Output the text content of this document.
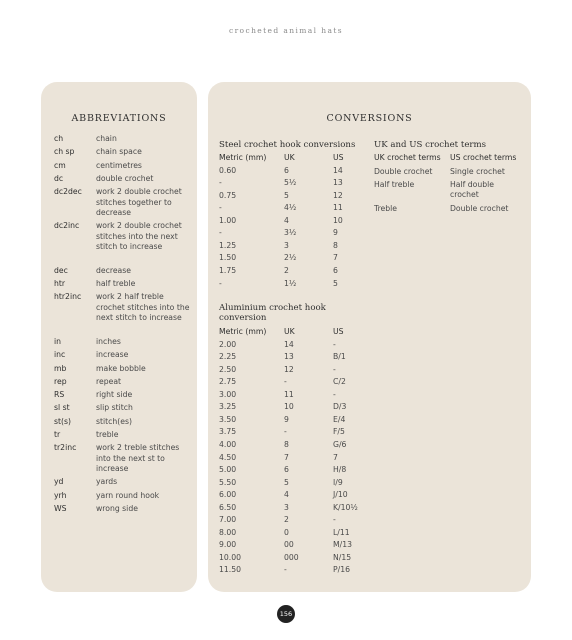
crocheted animal hats
ABBREVIATIONS
ch	chain
ch sp	chain space
cm	centimetres
dc	double crochet
dc2dec work 2 double crochet stitches together to decrease
dc2inc work 2 double crochet stitches into the next stitch to increase
dec	decrease
htr	half treble
htr2inc work 2 half treble crochet stitches into the next stitch to increase
in	inches
inc	increase
mb	make bobble
rep	repeat
RS	right side
sl st	slip stitch
st(s)	stitch(es)
tr	treble
tr2inc	work 2 treble stitches into the next st to increase
yd	yards
yrh	yarn round hook
WS	wrong side
CONVERSIONS
Steel crochet hook conversions
Metric (mm) UK	US
0.60	6	14
-	5½	13
0.75	5	12
-	4½	11
1.00	4	10
-	3½	9
1.25	3	8
1.50	2½	7
1.75	2	6
-	1½	5
Aluminium crochet hook conversion
Metric (mm) UK	US
2.00	14	-
2.25	13	B/1
2.50	12	-
2.75	-	C/2
3.00	11	-
3.25	10	D/3
3.50	9	E/4
3.75	-	F/5
4.00	8	G/6
4.50	7	7
5.00	6	H/8
5.50	5	I/9
6.00	4	J/10
6.50	3	K/10½
7.00	2	-
8.00	0	L/11
9.00	00	M/13
10.00	000	N/15
11.50	-	P/16
UK and US crochet terms
UK crochet terms US crochet terms
Double crochet	Single crochet
Half treble	Half double crochet
Treble	Double crochet
156
